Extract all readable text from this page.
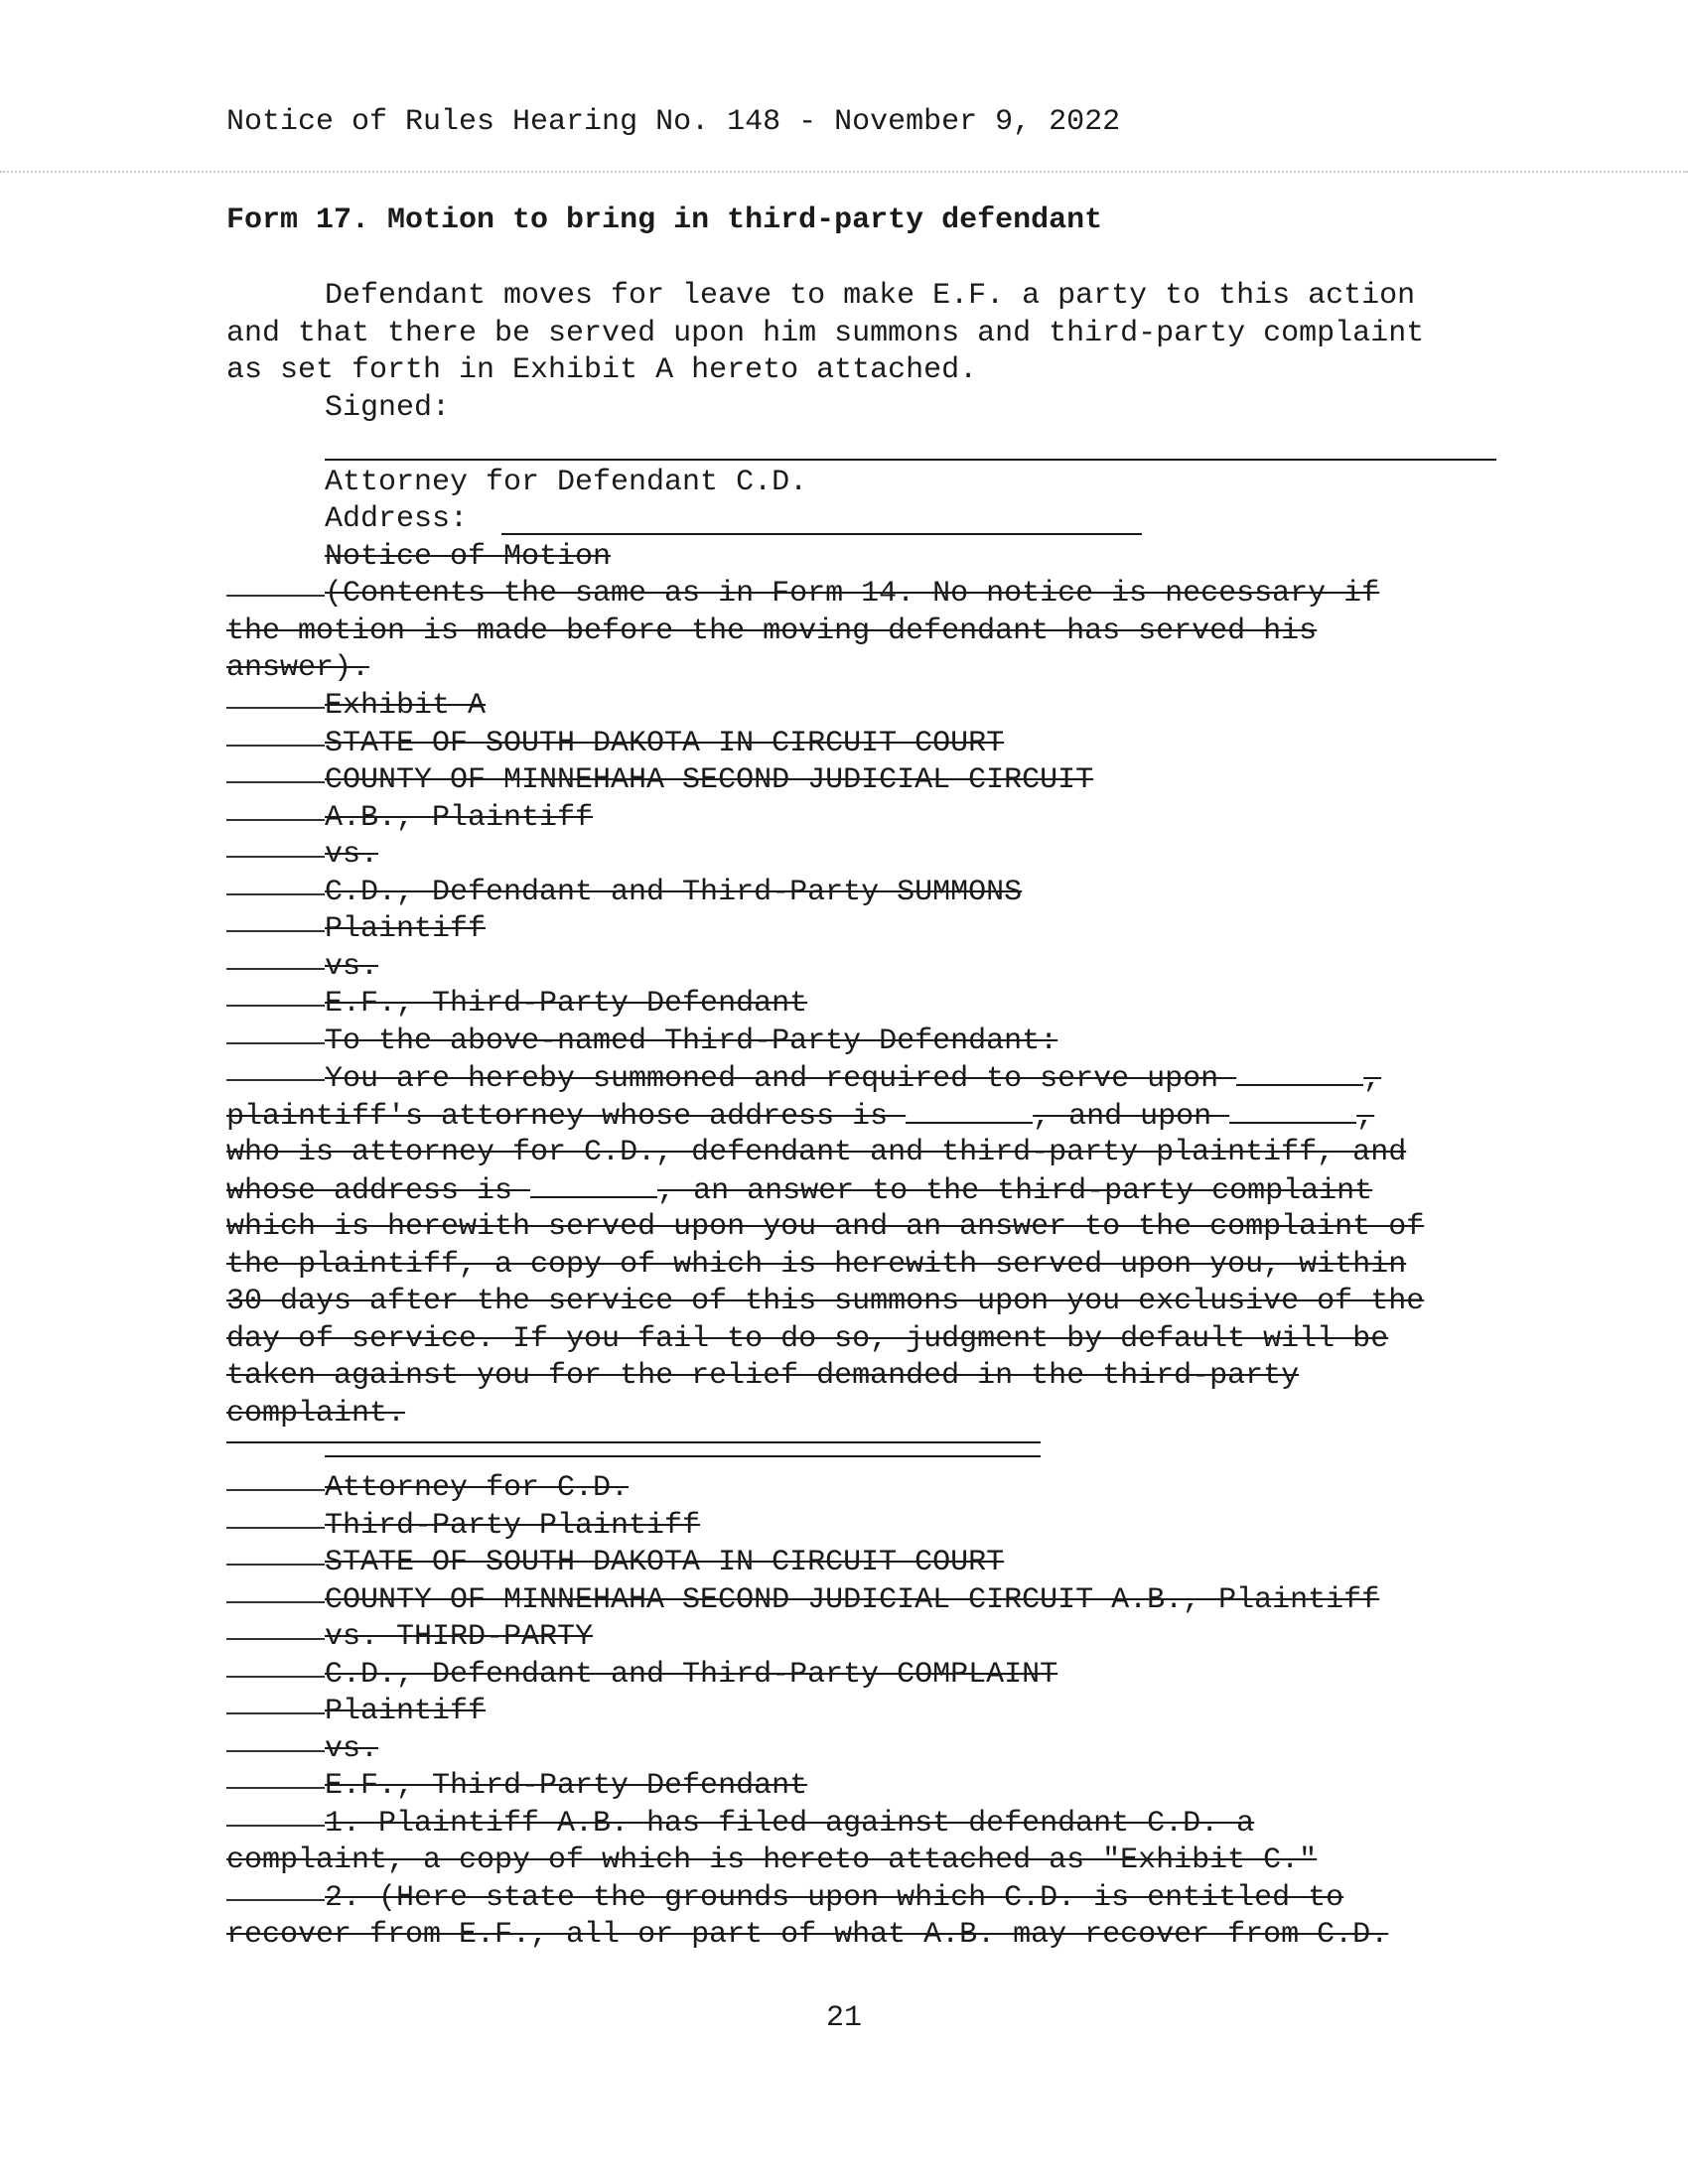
Notice of Rules Hearing No. 148 - November 9, 2022
Form 17. Motion to bring in third-party defendant
Defendant moves for leave to make E.F. a party to this action
and that there be served upon him summons and third-party complaint
as set forth in Exhibit A hereto attached.
Signed:
Attorney for Defendant C.D.
Address:
Notice of Motion
(Contents the same as in Form 14. No notice is necessary if
the motion is made before the moving defendant has served his
answer).
Exhibit A
STATE OF SOUTH DAKOTA IN CIRCUIT COURT
COUNTY OF MINNEHAHA SECOND JUDICIAL CIRCUIT
A.B., Plaintiff
vs.
C.D., Defendant and Third-Party SUMMONS
Plaintiff
vs.
E.F., Third-Party Defendant
To the above-named Third-Party Defendant:
You are hereby summoned and required to serve upon	,
plaintiff's attorney whose address is	, and upon	,
who is attorney for C.D., defendant and third-party plaintiff, and
whose address is	, an answer to the third-party complaint
which is herewith served upon you and an answer to the complaint of
the plaintiff, a copy of which is herewith served upon you, within
30 days after the service of this summons upon you exclusive of the
day of service. If you fail to do so, judgment by default will be
taken against you for the relief demanded in the third-party
complaint.
Attorney for C.D.
Third-Party Plaintiff
STATE OF SOUTH DAKOTA IN CIRCUIT COURT
COUNTY OF MINNEHAHA SECOND JUDICIAL CIRCUIT A.B., Plaintiff
vs. THIRD-PARTY
C.D., Defendant and Third-Party COMPLAINT
Plaintiff
vs.
E.F., Third-Party Defendant
1. Plaintiff A.B. has filed against defendant C.D. a
complaint, a copy of which is hereto attached as "Exhibit C."
2. (Here state the grounds upon which C.D. is entitled to
recover from E.F., all or part of what A.B. may recover from C.D.
21
